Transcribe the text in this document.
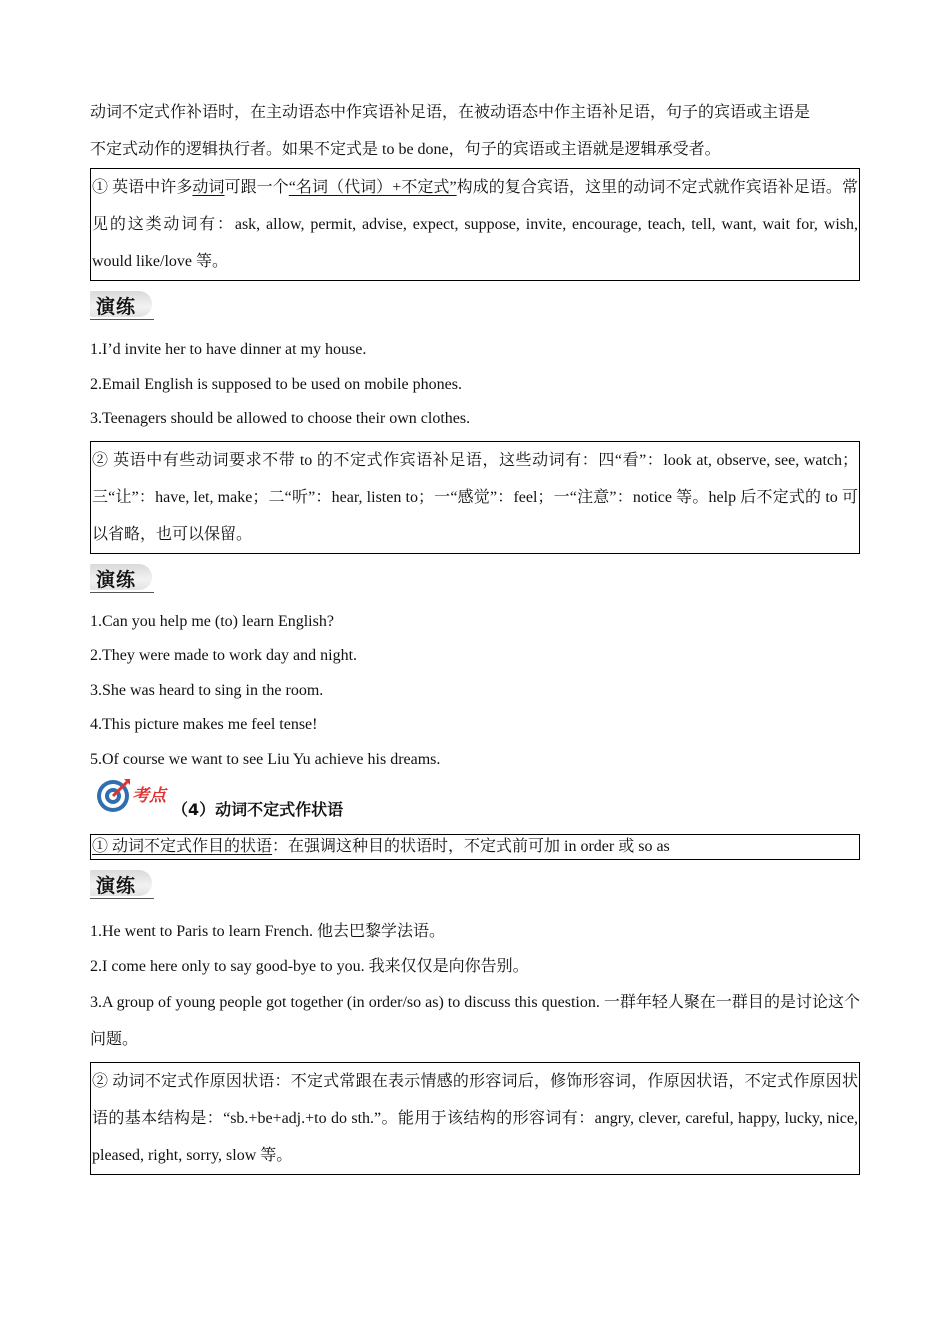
动词不定式作补语时，在主动语态中作宾语补足语，在被动语态中作主语补足语，句子的宾语或主语是
不定式动作的逻辑执行者。如果不定式是 to be done，句子的宾语或主语就是逻辑承受者。

① 英语中许多动词可跟一个“名词（代词）+不定式”构成的复合宾语，这里的动词不定式就作宾语补足语。常见的这类动词有：ask, allow, permit, advise, expect, suppose, invite, encourage, teach, tell, want, wait for, wish, would like/love 等。
演练

1.I’d invite her to have dinner at my house.

2.Email English is supposed to be used on mobile phones.

3.Teenagers should be allowed to choose their own clothes.

② 英语中有些动词要求不带 to 的不定式作宾语补足语，这些动词有：四“看”：look at, observe, see, watch；三“让”：have, let, make；二“听”：hear, listen to；一“感觉”：feel；一“注意”：notice 等。help 后不定式的 to 可以省略，也可以保留。
演练

1.Can you help me (to) learn English?

2.They were made to work day and night.

3.She was heard to sing in the room.

4.This picture makes me feel tense!

5.Of course we want to see Liu Yu achieve his dreams.

考点
（4）动词不定式作状语
① 动词不定式作目的状语：在强调这种目的状语时，不定式前可加 in order 或 so as
演练

1.He went to Paris to learn French. 他去巴黎学法语。

2.I come here only to say good-bye to you. 我来仅仅是向你告别。

3.A group of young people got together (in order/so as) to discuss this question. 一群年轻人聚在一群目的是讨论这个问题。

② 动词不定式作原因状语：不定式常跟在表示情感的形容词后，修饰形容词，作原因状语，不定式作原因状语的基本结构是：“sb.+be+adj.+to do sth.”。能用于该结构的形容词有：angry, clever, careful, happy, lucky, nice, pleased, right, sorry, slow 等。
